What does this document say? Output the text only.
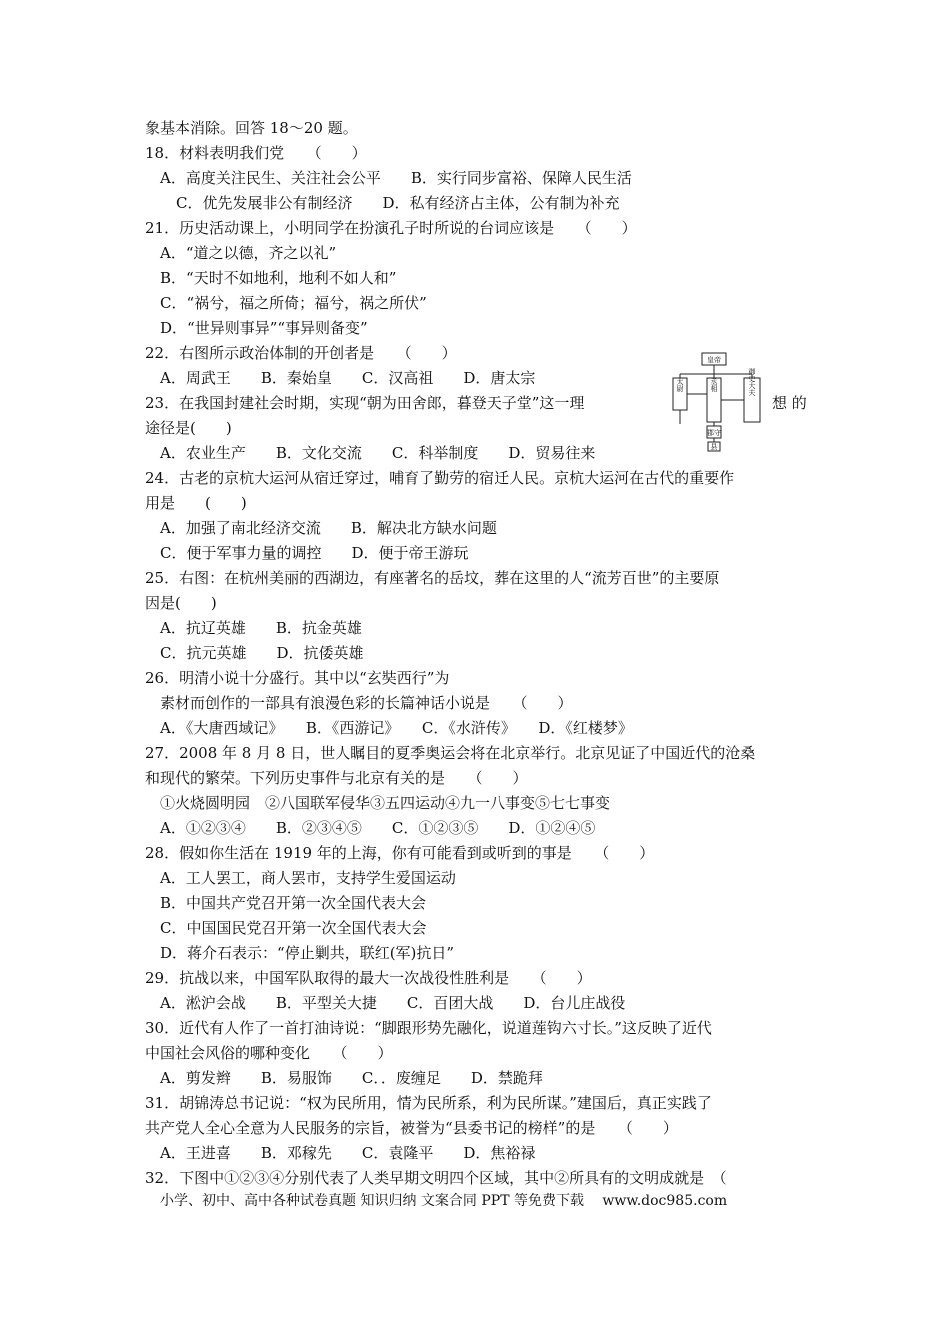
象基本消除。回答 18～20 题。
18．材料表明我们党　　（　　）
A．高度关注民生、关注社会公平　　B．实行同步富裕、保障人民生活
C．优先发展非公有制经济　　D．私有经济占主体，公有制为补充
21．历史活动课上，小明同学在扮演孔子时所说的台词应该是　　（　　）
A．“道之以德，齐之以礼”
B．“天时不如地利，地利不如人和”
C．“祸兮，福之所倚；福兮，祸之所伏”
D．“世异则事异”“事异则备变”
22．右图所示政治体制的开创者是　　（　　）
A．周武王　　B．秦始皇　　C．汉高祖　　D．唐太宗
23．在我国封建社会时期，实现“朝为田舍郎，暮登天子堂”这一理
途径是(　　)
A．农业生产　　B．文化交流　　C．科举制度　　D．贸易往来
24．古老的京杭大运河从宿迁穿过，哺育了勤劳的宿迁人民。京杭大运河在古代的重要作
用是　　(　　)
A．加强了南北经济交流　　B．解决北方缺水问题
C．便于军事力量的调控　　D．便于帝王游玩
25．右图：在杭州美丽的西湖边，有座著名的岳坟，葬在这里的人“流芳百世”的主要原
因是(　　)
A．抗辽英雄　　B．抗金英雄
C．抗元英雄　　D．抗倭英雄
26．明清小说十分盛行。其中以“玄奘西行”为
素材而创作的一部具有浪漫色彩的长篇神话小说是　　（　　）
A．《大唐西域记》　　B．《西游记》　　C．《水浒传》　　D．《红楼梦》
27．2008 年 8 月 8 日，世人瞩目的夏季奥运会将在北京举行。北京见证了中国近代的沧桑
和现代的繁荣。下列历史事件与北京有关的是　　（　　）
①火烧圆明园　②八国联军侵华③五四运动④九一八事变⑤七七事变
A．①②③④　　B．②③④⑤　　C．①②③⑤　　D．①②④⑤
28．假如你生活在 1919 年的上海，你有可能看到或听到的事是　　（　　）
A．工人罢工，商人罢市，支持学生爱国运动
B．中国共产党召开第一次全国代表大会
C．中国国民党召开第一次全国代表大会
D．蒋介石表示：“停止剿共，联红(军)抗日”
29．抗战以来，中国军队取得的最大一次战役性胜利是　　（　　）
A．淞沪会战　　B．平型关大捷　　C．百团大战　　D．台儿庄战役
30．近代有人作了一首打油诗说：“脚跟形势先融化，说道莲钩六寸长。”这反映了近代
中国社会风俗的哪种变化　　（　　）
A．剪发辫　　B．易服饰　　C．．废缠足　　D．禁跪拜
31．胡锦涛总书记说：“权为民所用，情为民所系，利为民所谋。”建国后，真正实践了
共产党人全心全意为人民服务的宗旨，被誉为“县委书记的榜样”的是　　（　　）
A．王进喜　　B．邓稼先　　C．袁隆平　　D．焦裕禄
32．下图中①②③④分别代表了人类早期文明四个区域，其中②所具有的文明成就是　（
想 的
皇帝
太尉	丞相	御史大夫
郡守
县
小学、初中、高中各种试卷真题 知识归纳 文案合同 PPT 等免费下载　 www.doc985.com
